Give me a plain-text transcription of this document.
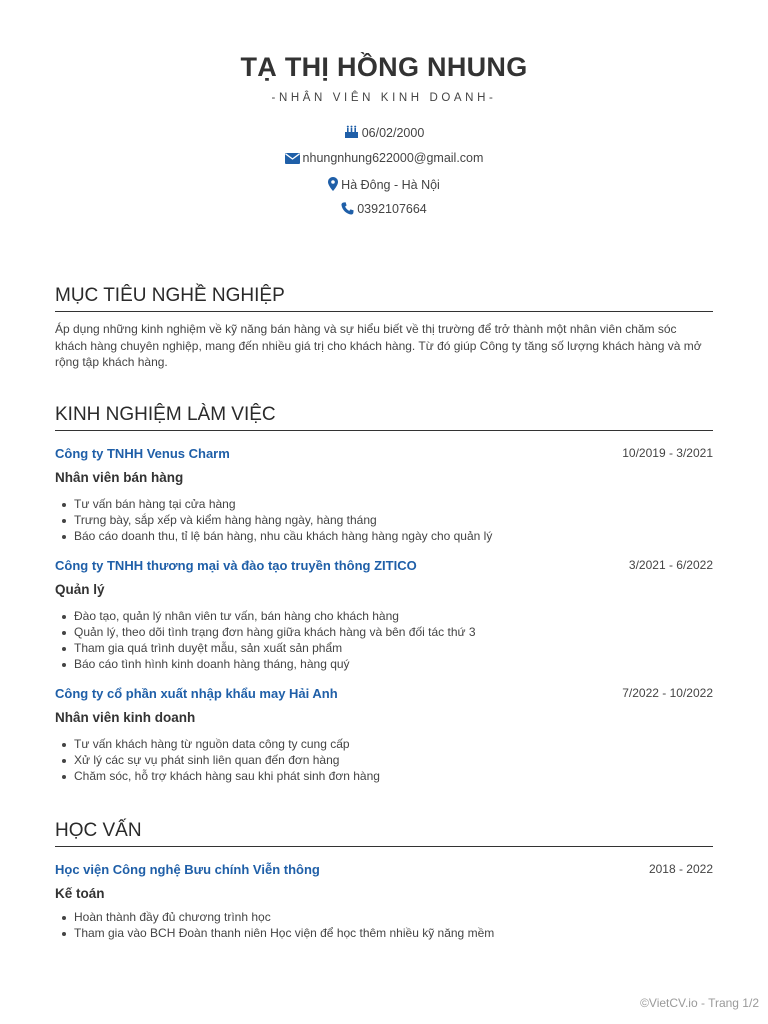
TẠ THỊ HỒNG NHUNG
-NHÂN VIÊN KINH DOANH-
06/02/2000
nhungnhung622000@gmail.com
Hà Đông - Hà Nội
0392107664
MỤC TIÊU NGHỀ NGHIỆP
Áp dụng những kinh nghiệm về kỹ năng bán hàng và sự hiểu biết về thị trường để trở thành một nhân viên chăm sóc khách hàng chuyên nghiệp, mang đến nhiều giá trị cho khách hàng. Từ đó giúp Công ty tăng số lượng khách hàng và mở rộng tập khách hàng.
KINH NGHIỆM LÀM VIỆC
Công ty TNHH Venus Charm	10/2019 - 3/2021
Nhân viên bán hàng
Tư vấn bán hàng tại cửa hàng
Trưng bày, sắp xếp và kiểm hàng hàng ngày, hàng tháng
Báo cáo doanh thu, tỉ lệ bán hàng, nhu cầu khách hàng hàng ngày cho quản lý
Công ty TNHH thương mại và đào tạo truyền thông ZITICO	3/2021 - 6/2022
Quản lý
Đào tạo, quản lý nhân viên tư vấn, bán hàng cho khách hàng
Quản lý, theo dõi tình trạng đơn hàng giữa khách hàng và bên đối tác thứ 3
Tham gia quá trình duyệt mẫu, sản xuất sản phẩm
Báo cáo tình hình kinh doanh hàng tháng, hàng quý
Công ty cổ phần xuất nhập khẩu may Hải Anh	7/2022 - 10/2022
Nhân viên kinh doanh
Tư vấn khách hàng từ nguồn data công ty cung cấp
Xử lý các sự vụ phát sinh liên quan đến đơn hàng
Chăm sóc, hỗ trợ khách hàng sau khi phát sinh đơn hàng
HỌC VẤN
Học viện Công nghệ Bưu chính Viễn thông	2018 - 2022
Kế toán
Hoàn thành đầy đủ chương trình học
Tham gia vào BCH Đoàn thanh niên Học viện để học thêm nhiều kỹ năng mềm
©VietCV.io - Trang 1/2
